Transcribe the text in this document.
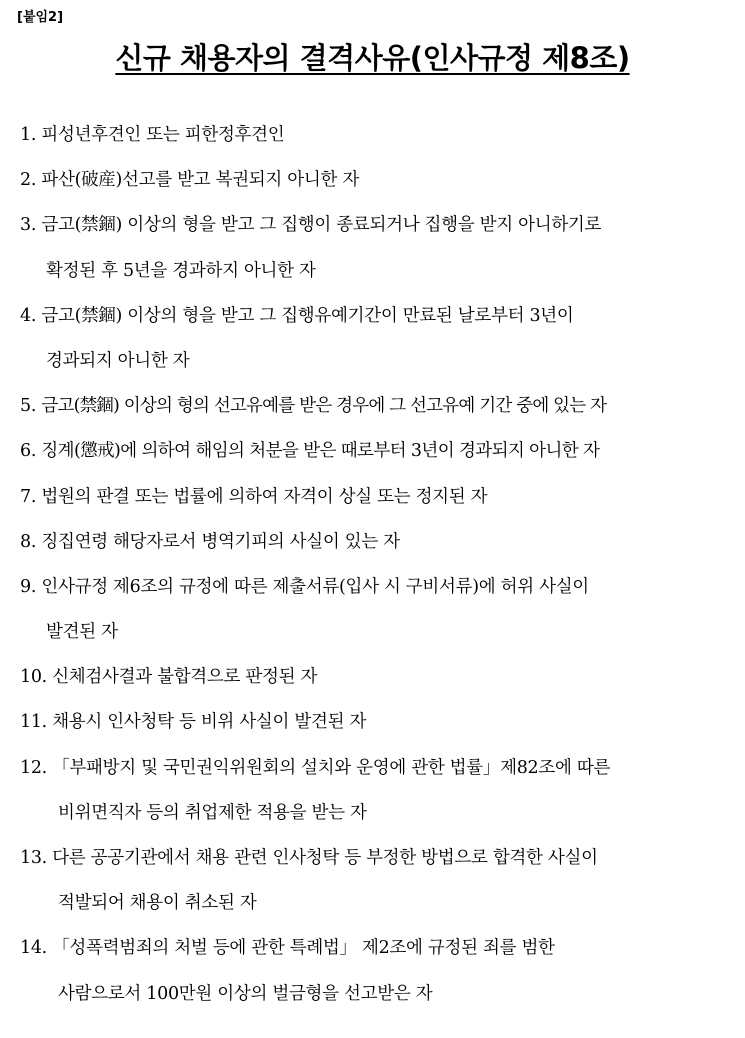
[붙임2]
신규 채용자의 결격사유(인사규정 제8조)
1. 피성년후견인 또는 피한정후견인
2. 파산(破産)선고를 받고 복권되지 아니한 자
3. 금고(禁錮) 이상의 형을 받고 그 집행이 종료되거나 집행을 받지 아니하기로
확정된 후 5년을 경과하지 아니한 자
4. 금고(禁錮) 이상의 형을 받고 그 집행유예기간이 만료된 날로부터 3년이
경과되지 아니한 자
5. 금고(禁錮) 이상의 형의 선고유예를 받은 경우에 그 선고유예 기간 중에 있는 자
6. 징계(懲戒)에 의하여 해임의 처분을 받은 때로부터 3년이 경과되지 아니한 자
7. 법원의 판결 또는 법률에 의하여 자격이 상실 또는 정지된 자
8. 징집연령 해당자로서 병역기피의 사실이 있는 자
9. 인사규정 제6조의 규정에 따른 제출서류(입사 시 구비서류)에 허위 사실이
발견된 자
10. 신체검사결과 불합격으로 판정된 자
11. 채용시 인사청탁 등 비위 사실이 발견된 자
12. 「부패방지 및 국민권익위원회의 설치와 운영에 관한 법률」제82조에 따른
비위면직자 등의 취업제한 적용을 받는 자
13. 다른 공공기관에서 채용 관련 인사청탁 등 부정한 방법으로 합격한 사실이
적발되어 채용이 취소된 자
14. 「성폭력범죄의 처벌 등에 관한 특례법」 제2조에 규정된 죄를 범한
사람으로서 100만원 이상의 벌금형을 선고받은 자
